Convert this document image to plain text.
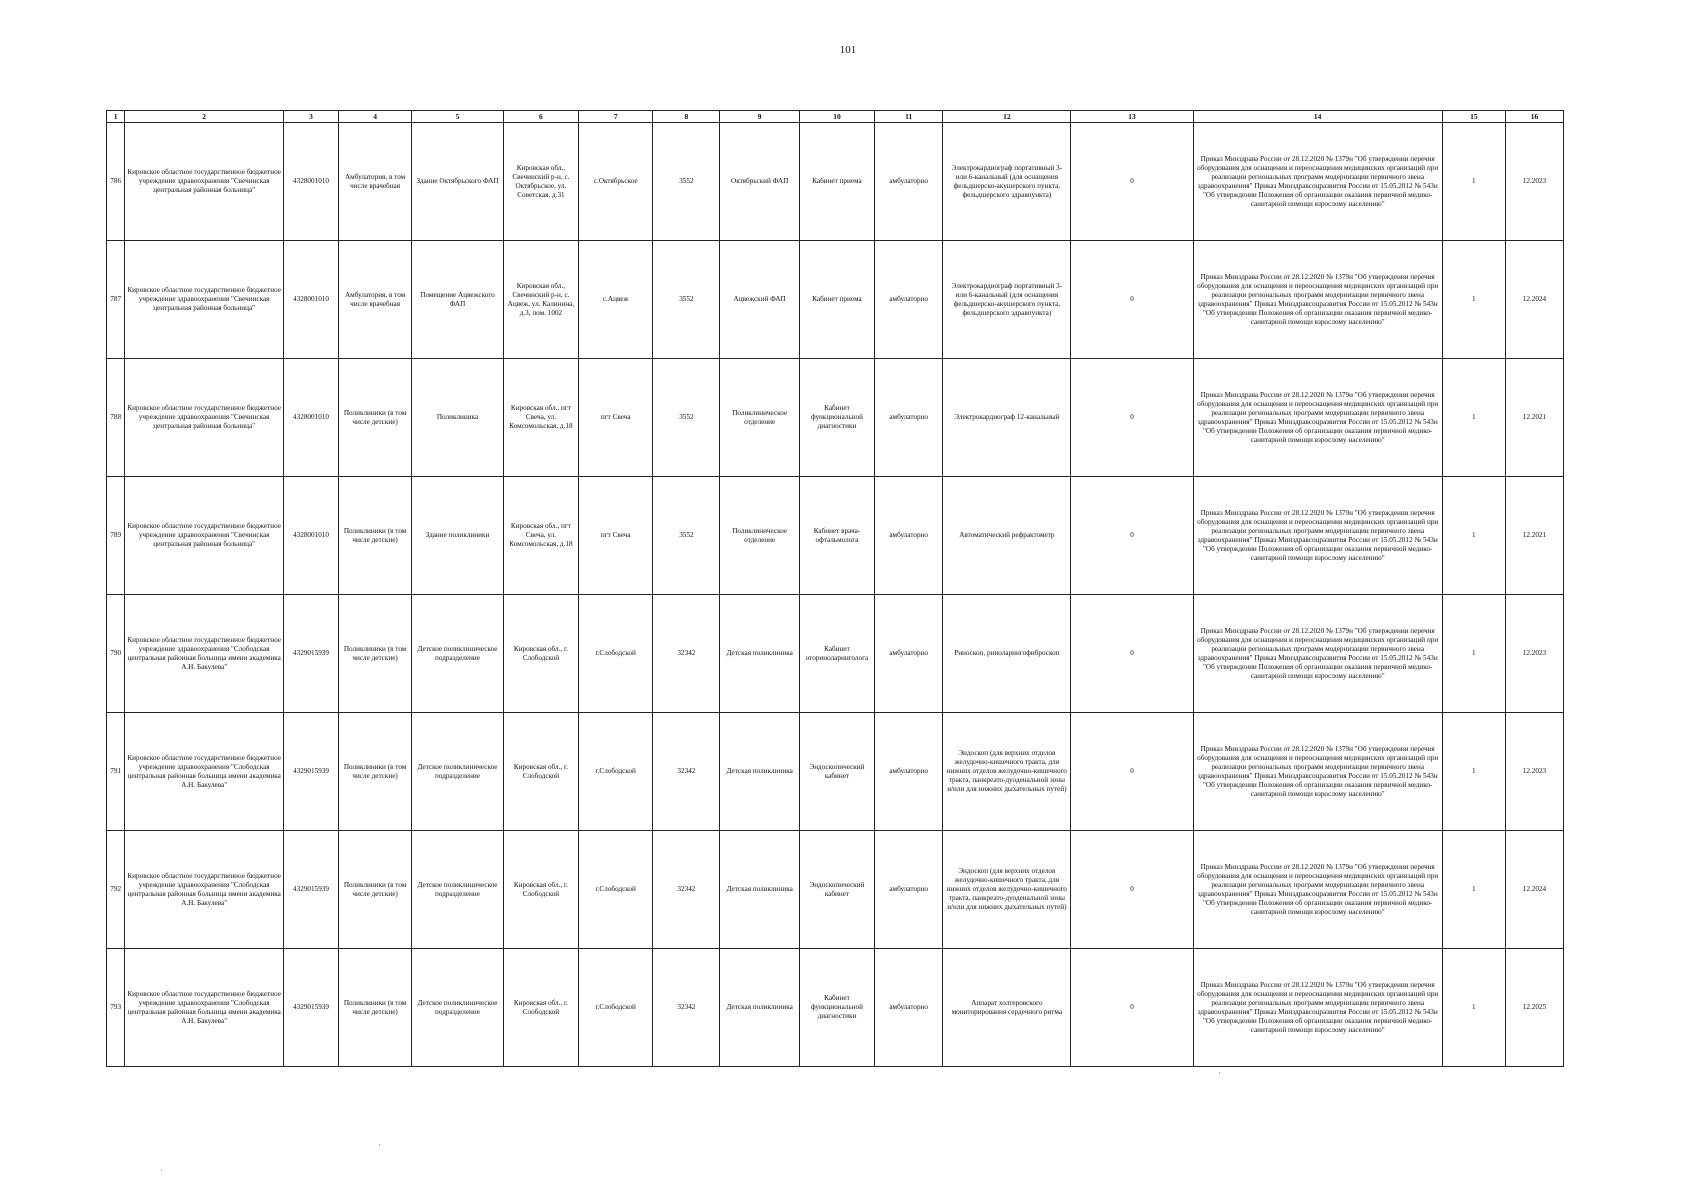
101
1	2	3	4	5	6	7	8	9	10	11	12	13	14	15	16
786	Кировское областное государственное бюджетное учреждение здравоохранения "Свечинская центральная районная больница"	4328001010	Амбулатория, в том числе врачебная	Здание Октябрьского ФАП	Кировская обл., Свечинский р-н, с. Октябрьское, ул. Советская, д.31	с.Октябрьское	3552	Октябрьский ФАП	Кабинет приема	амбулаторно	Электрокардиограф портативный 3- или 6-канальный (для оснащения фельдшерско-акушерского пункта, фельдшерского здравпункта)	0	Приказ Минздрава России от 28.12.2020 № 1379н "Об утверждении перечня оборудования для оснащения и переоснащения медицинских организаций при реализации региональных программ модернизации первичного звена здравоохранения" Приказ Минздравсоцразвития России от 15.05.2012 № 543н "Об утверждении Положения об организации оказания первичной медико-санитарной помощи взрослому населению"	1	12.2023
787	Кировское областное государственное бюджетное учреждение здравоохранения "Свечинская центральная районная больница"	4328001010	Амбулатория, в том числе врачебная	Помещение Ацвежского ФАП	Кировская обл., Свечинский р-н, с. Ацвеж, ул. Калинина, д.3, пом. 1002	с.Ацвеж	3552	Ацвежский ФАП	Кабинет приема	амбулаторно	Электрокардиограф портативный 3- или 6-канальный (для оснащения фельдшерско-акушерского пункта, фельдшерского здравпункта)	0	Приказ Минздрава России от 28.12.2020 № 1379н "Об утверждении перечня оборудования для оснащения и переоснащения медицинских организаций при реализации региональных программ модернизации первичного звена здравоохранения" Приказ Минздравсоцразвития России от 15.05.2012 № 543н "Об утверждении Положения об организации оказания первичной медико-санитарной помощи взрослому населению"	1	12.2024
788	Кировское областное государственное бюджетное учреждение здравоохранения "Свечинская центральная районная больница"	4328001010	Поликлиники (в том числе детские)	Поликлиника	Кировская обл., пгт Свеча, ул. Комсомольская, д.18	пгт Свеча	3552	Поликлиническое отделение	Кабинет функциональной диагностики	амбулаторно	Электрокардиограф 12-канальный	0	Приказ Минздрава России от 28.12.2020 № 1379н "Об утверждении перечня оборудования для оснащения и переоснащения медицинских организаций при реализации региональных программ модернизации первичного звена здравоохранения" Приказ Минздравсоцразвития России от 15.05.2012 № 543н "Об утверждении Положения об организации оказания первичной медико-санитарной помощи взрослому населению"	1	12.2021
789	Кировское областное государственное бюджетное учреждение здравоохранения "Свечинская центральная районная больница"	4328001010	Поликлиники (в том числе детские)	Здание поликлиники	Кировская обл., пгт Свеча, ул. Комсомольская, д.18	пгт Свеча	3552	Поликлиническое отделение	Кабинет врача-офтальмолога	амбулаторно	Автоматический рефрактометр	0	Приказ Минздрава России от 28.12.2020 № 1379н "Об утверждении перечня оборудования для оснащения и переоснащения медицинских организаций при реализации региональных программ модернизации первичного звена здравоохранения" Приказ Минздравсоцразвития России от 15.05.2012 № 543н "Об утверждении Положения об организации оказания первичной медико-санитарной помощи взрослому населению"	1	12.2021
790	Кировское областное государственное бюджетное учреждение здравоохранения "Слободская центральная районная больница имени академика А.Н. Бакулева"	4329015939	Поликлиники (в том числе детские)	Детское поликлиническое подразделение	Кировская обл., г. Слободской	г.Слободской	32342	Детская поликлиника	Кабинет оториноларинголога	амбулаторно	Риноскоп, риноларингофиброскоп	0	Приказ Минздрава России от 28.12.2020 № 1379н "Об утверждении перечня оборудования для оснащения и переоснащения медицинских организаций при реализации региональных программ модернизации первичного звена здравоохранения" Приказ Минздравсоцразвития России от 15.05.2012 № 543н "Об утверждении Положения об организации оказания первичной медико-санитарной помощи взрослому населению"	1	12.2023
791	Кировское областное государственное бюджетное учреждение здравоохранения "Слободская центральная районная больница имени академика А.Н. Бакулева"	4329015939	Поликлиники (в том числе детские)	Детское поликлиническое подразделение	Кировская обл., г. Слободской	г.Слободской	32342	Детская поликлиника	Эндоскопический кабинет	амбулаторно	Эндоскоп (для верхних отделов желудочно-кишечного тракта, для нижних отделов желудочно-кишечного тракта, панкреато-дуоденальной зоны и/или для нижних дыхательных путей)	0	Приказ Минздрава России от 28.12.2020 № 1379н "Об утверждении перечня оборудования для оснащения и переоснащения медицинских организаций при реализации региональных программ модернизации первичного звена здравоохранения" Приказ Минздравсоцразвития России от 15.05.2012 № 543н "Об утверждении Положения об организации оказания первичной медико-санитарной помощи взрослому населению"	1	12.2023
792	Кировское областное государственное бюджетное учреждение здравоохранения "Слободская центральная районная больница имени академика А.Н. Бакулева"	4329015939	Поликлиники (в том числе детские)	Детское поликлиническое подразделение	Кировская обл., г. Слободской	г.Слободской	32342	Детская поликлиника	Эндоскопический кабинет	амбулаторно	Эндоскоп (для верхних отделов желудочно-кишечного тракта, для нижних отделов желудочно-кишечного тракта, панкреато-дуоденальной зоны и/или для нижних дыхательных путей)	0	Приказ Минздрава России от 28.12.2020 № 1379н "Об утверждении перечня оборудования для оснащения и переоснащения медицинских организаций при реализации региональных программ модернизации первичного звена здравоохранения" Приказ Минздравсоцразвития России от 15.05.2012 № 543н "Об утверждении Положения об организации оказания первичной медико-санитарной помощи взрослому населению"	1	12.2024
793	Кировское областное государственное бюджетное учреждение здравоохранения "Слободская центральная районная больница имени академика А.Н. Бакулева"	4329015939	Поликлиники (в том числе детские)	Детское поликлиническое подразделение	Кировская обл., г. Слободской	г.Слободской	32342	Детская поликлиника	Кабинет функциональной диагностики	амбулаторно	Аппарат холтеровского мониторирования сердечного ритма	0	Приказ Минздрава России от 28.12.2020 № 1379н "Об утверждении перечня оборудования для оснащения и переоснащения медицинских организаций при реализации региональных программ модернизации первичного звена здравоохранения" Приказ Минздравсоцразвития России от 15.05.2012 № 543н "Об утверждении Положения об организации оказания первичной медико-санитарной помощи взрослому населению"	1	12.2025
·
·
·
